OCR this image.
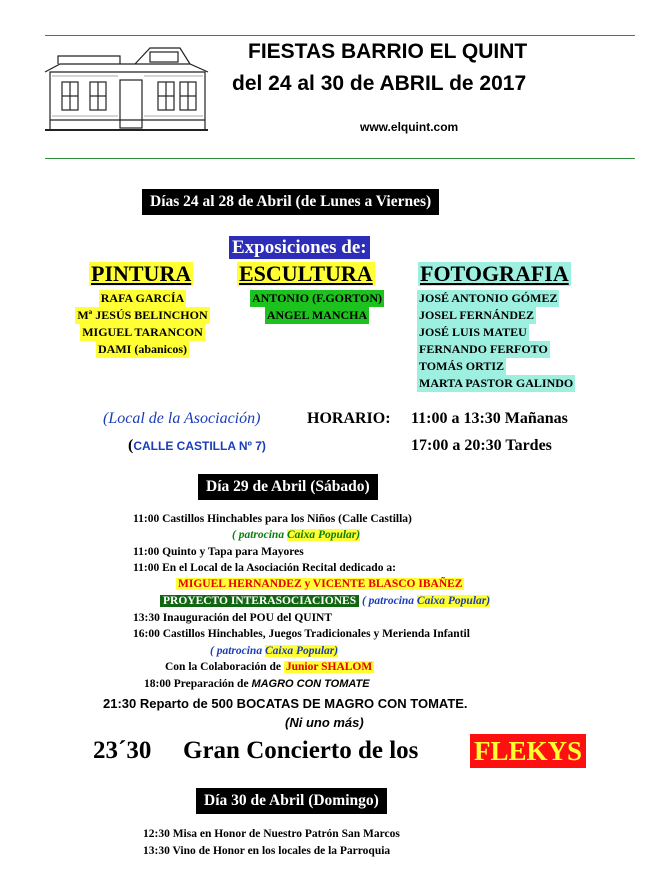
FIESTAS BARRIO EL QUINT
del 24 al 30 de ABRIL de 2017
www.elquint.com
Días 24 al 28 de Abril (de Lunes a Viernes)
Exposiciones de:
PINTURA
RAFA GARCÍA
Mª JESÚS BELINCHON
MIGUEL TARANCON
DAMI (abanicos)
ESCULTURA
ANTONIO (F.GORTON)
ANGEL MANCHA
FOTOGRAFIA
JOSÉ ANTONIO GÓMEZ
JOSEL FERNÁNDEZ
JOSÉ LUIS MATEU
FERNANDO FERFOTO
TOMÁS ORTIZ
MARTA PASTOR GALINDO
(Local de la Asociación)
(CALLE CASTILLA Nº 7)
HORARIO: 11:00 a 13:30 Mañanas
17:00 a 20:30 Tardes
Día 29 de Abril (Sábado)
11:00 Castillos Hinchables para los Niños (Calle Castilla)
( patrocina Caixa Popular)
11:00 Quinto y Tapa para Mayores
11:00 En el Local de la Asociación Recital dedicado a:
MIGUEL HERNANDEZ y VICENTE BLASCO IBAÑEZ
PROYECTO INTERASOCIACIONES ( patrocina Caixa Popular)
13:30 Inauguración del POU del QUINT
16:00 Castillos Hinchables, Juegos Tradicionales y Merienda Infantil
( patrocina Caixa Popular)
Con la Colaboración de Junior SHALOM
18:00 Preparación de MAGRO CON TOMATE
21:30 Reparto de 500 BOCATAS DE MAGRO CON TOMATE.
(Ni uno más)
23´30 Gran Concierto de los FLEKYS
Día 30 de Abril (Domingo)
12:30 Misa en Honor de Nuestro Patrón San Marcos
13:30 Vino de Honor en los locales de la Parroquia
